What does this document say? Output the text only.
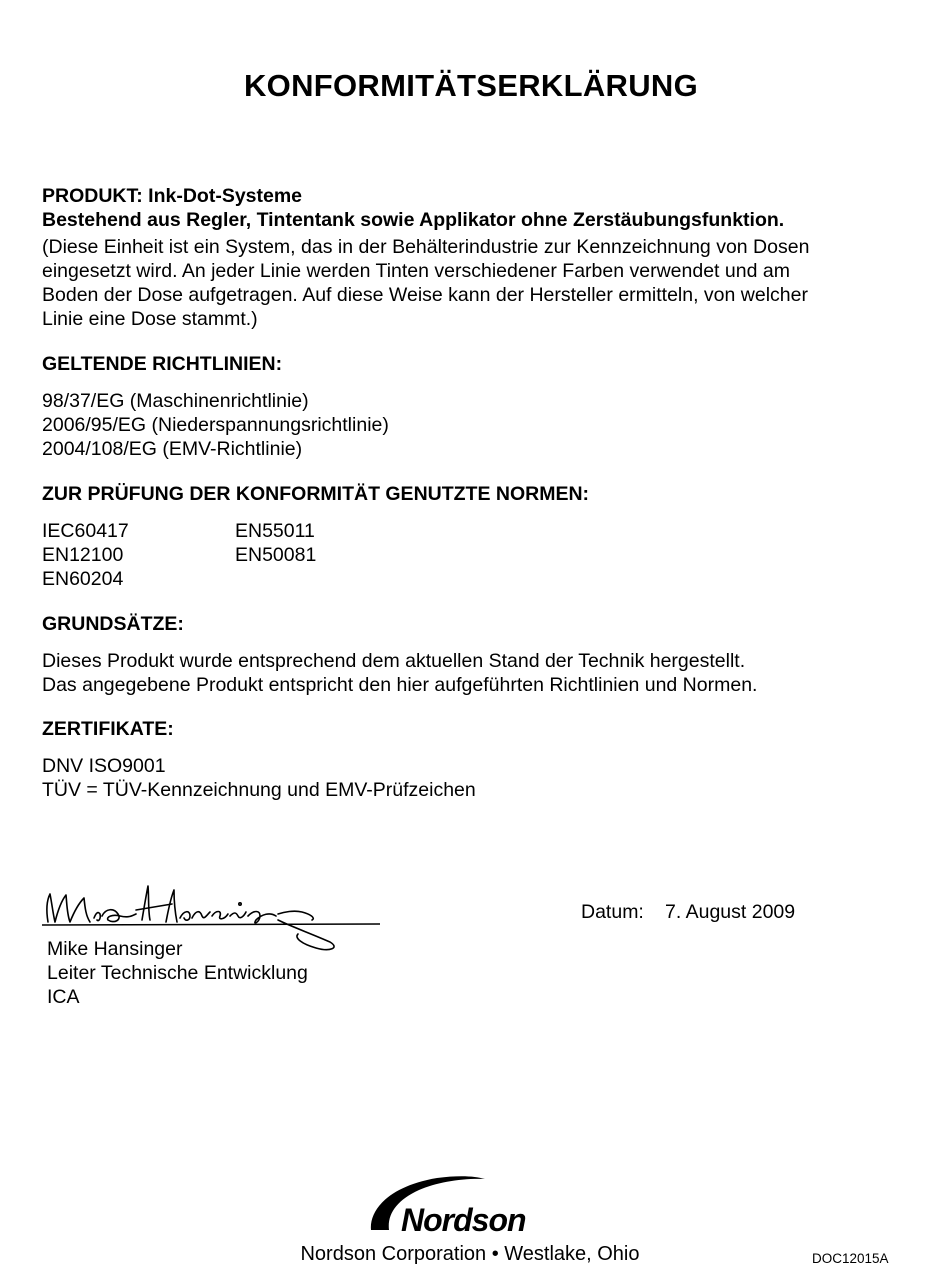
KONFORMITÄTSERKLÄRUNG
PRODUKT: Ink-Dot-Systeme
Bestehend aus Regler, Tintentank sowie Applikator ohne Zerstäubungsfunktion.
(Diese Einheit ist ein System, das in der Behälterindustrie zur Kennzeichnung von Dosen
eingesetzt wird. An jeder Linie werden Tinten verschiedener Farben verwendet und am
Boden der Dose aufgetragen. Auf diese Weise kann der Hersteller ermitteln, von welcher
Linie eine Dose stammt.)
GELTENDE RICHTLINIEN:
98/37/EG (Maschinenrichtlinie)
2006/95/EG (Niederspannungsrichtlinie)
2004/108/EG (EMV-Richtlinie)
ZUR PRÜFUNG DER KONFORMITÄT GENUTZTE NORMEN:
IEC60417
EN12100
EN60204
EN55011
EN50081
GRUNDSÄTZE:
Dieses Produkt wurde entsprechend dem aktuellen Stand der Technik hergestellt.
Das angegebene Produkt entspricht den hier aufgeführten Richtlinien und Normen.
ZERTIFIKATE:
DNV ISO9001
TÜV = TÜV-Kennzeichnung und EMV-Prüfzeichen
Mike Hansinger
Leiter Technische Entwicklung
ICA
Datum: 7. August 2009
Nordson
Nordson Corporation • Westlake, Ohio	DOC12015A
